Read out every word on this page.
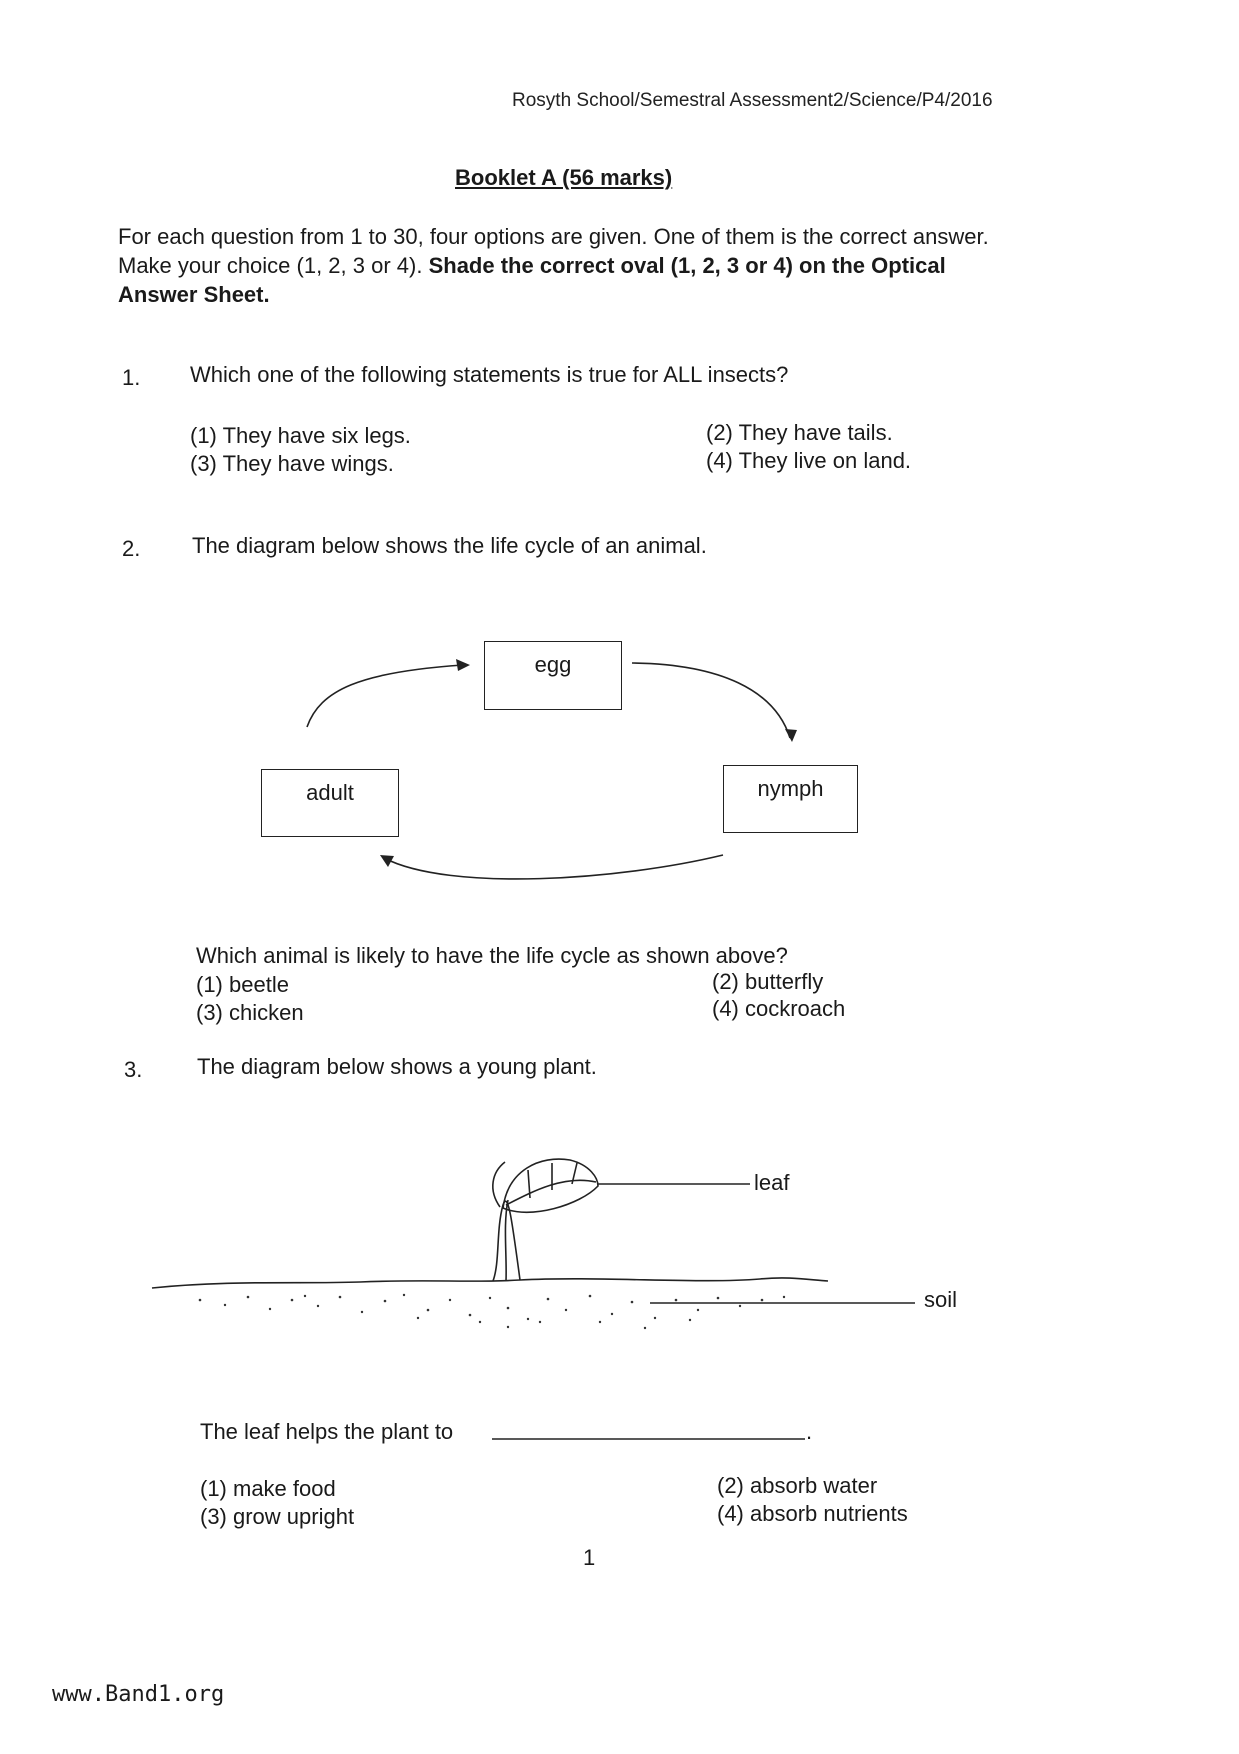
Rosyth School/Semestral Assessment2/Science/P4/2016
Booklet A (56 marks)
For each question from 1 to 30, four options are given. One of them is the correct answer. Make your choice (1, 2, 3 or 4). Shade the correct oval (1, 2, 3 or 4) on the Optical Answer Sheet.
1. Which one of the following statements is true for ALL insects?
(1) They have six legs.	(2) They have tails.
(3) They have wings.	(4) They live on land.
2. The diagram below shows the life cycle of an animal.
egg
nymph
adult
Which animal is likely to have the life cycle as shown above?
(1) beetle	(2) butterfly
(3) chicken	(4) cockroach
3. The diagram below shows a young plant.
leaf
soil
The leaf helps the plant to	.
(1) make food	(2) absorb water
(3) grow upright	(4) absorb nutrients
1
www.Band1.org
